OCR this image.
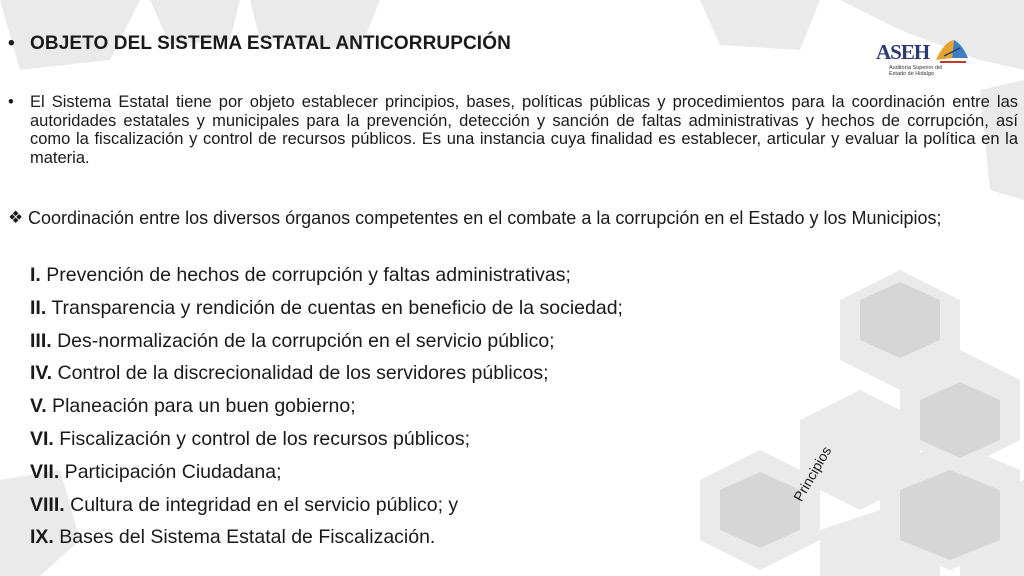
• OBJETO DEL SISTEMA ESTATAL ANTICORRUPCIÓN	ASEH
Auditoría Superior del Estado de Hidalgo
• El Sistema Estatal tiene por objeto establecer principios, bases, políticas públicas y procedimientos para la coordinación entre las autoridades estatales y municipales para la prevención, detección y sanción de faltas administrativas y hechos de corrupción, así como la fiscalización y control de recursos públicos. Es una instancia cuya finalidad es establecer, articular y evaluar la política en la materia.
❖ Coordinación entre los diversos órganos competentes en el combate a la corrupción en el Estado y los Municipios;
I. Prevención de hechos de corrupción y faltas administrativas;
II. Transparencia y rendición de cuentas en beneficio de la sociedad;
III. Des-normalización de la corrupción en el servicio público;
IV. Control de la discrecionalidad de los servidores públicos;
V. Planeación para un buen gobierno;
VI. Fiscalización y control de los recursos públicos;
VII. Participación Ciudadana;
VIII. Cultura de integridad en el servicio público; y
IX. Bases del Sistema Estatal de Fiscalización.
Principios
